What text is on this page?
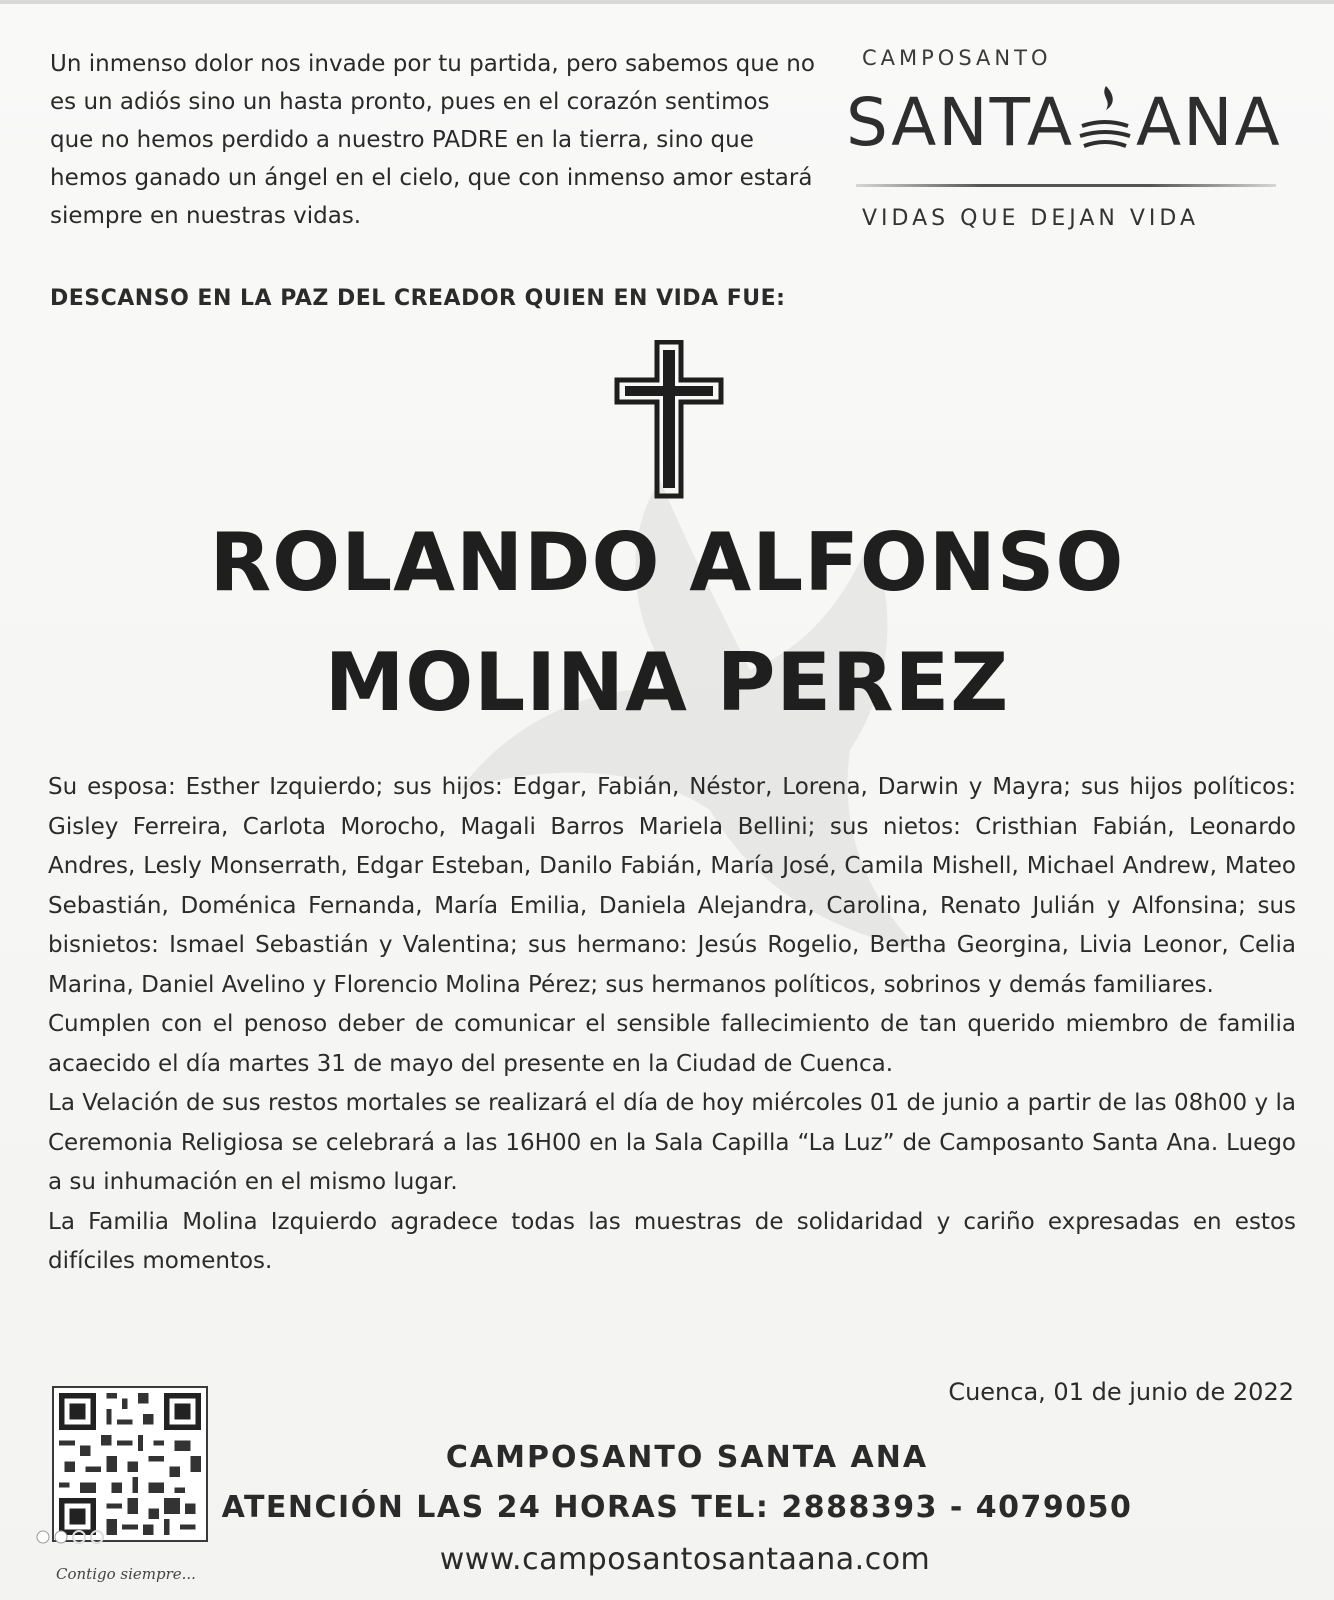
Un inmenso dolor nos invade por tu partida, pero sabemos que no es un adiós sino un hasta pronto, pues en el corazón sentimos que no hemos perdido a nuestro PADRE en la tierra, sino que hemos ganado un ángel en el cielo, que con inmenso amor estará siempre en nuestras vidas.

CAMPOSANTO
SANTA ANA
VIDAS QUE DEJAN VIDA

DESCANSO EN LA PAZ DEL CREADOR QUIEN EN VIDA FUE:

ROLANDO ALFONSO
MOLINA PEREZ

Su esposa: Esther Izquierdo; sus hijos: Edgar, Fabián, Néstor, Lorena, Darwin y Mayra; sus hijos políticos: Gisley Ferreira, Carlota Morocho, Magali Barros Mariela Bellini; sus nietos: Cristhian Fabián, Leonardo Andres, Lesly Monserrath, Edgar Esteban, Danilo Fabián, María José, Camila Mishell, Michael Andrew, Mateo Sebastián, Doménica Fernanda, María Emilia, Daniela Alejandra, Carolina, Renato Julián y Alfonsina; sus bisnietos: Ismael Sebastián y Valentina; sus hermano: Jesús Rogelio, Bertha Georgina, Livia Leonor, Celia Marina, Daniel Avelino y Florencio Molina Pérez; sus hermanos políticos, sobrinos y demás familiares.

Cumplen con el penoso deber de comunicar el sensible fallecimiento de tan querido miembro de familia acaecido el día martes 31 de mayo del presente en la Ciudad de Cuenca.

La Velación de sus restos mortales se realizará el día de hoy miércoles 01 de junio a partir de las 08h00 y la Ceremonia Religiosa se celebrará a las 16H00 en la Sala Capilla “La Luz” de Camposanto Santa Ana. Luego a su inhumación en el mismo lugar.

La Familia Molina Izquierdo agradece todas las muestras de solidaridad y cariño expresadas en estos difíciles momentos.

Cuenca, 01 de junio de 2022

Contigo siempre...

CAMPOSANTO SANTA ANA

ATENCIÓN LAS 24 HORAS TEL: 2888393 - 4079050

www.camposantosantaana.com
